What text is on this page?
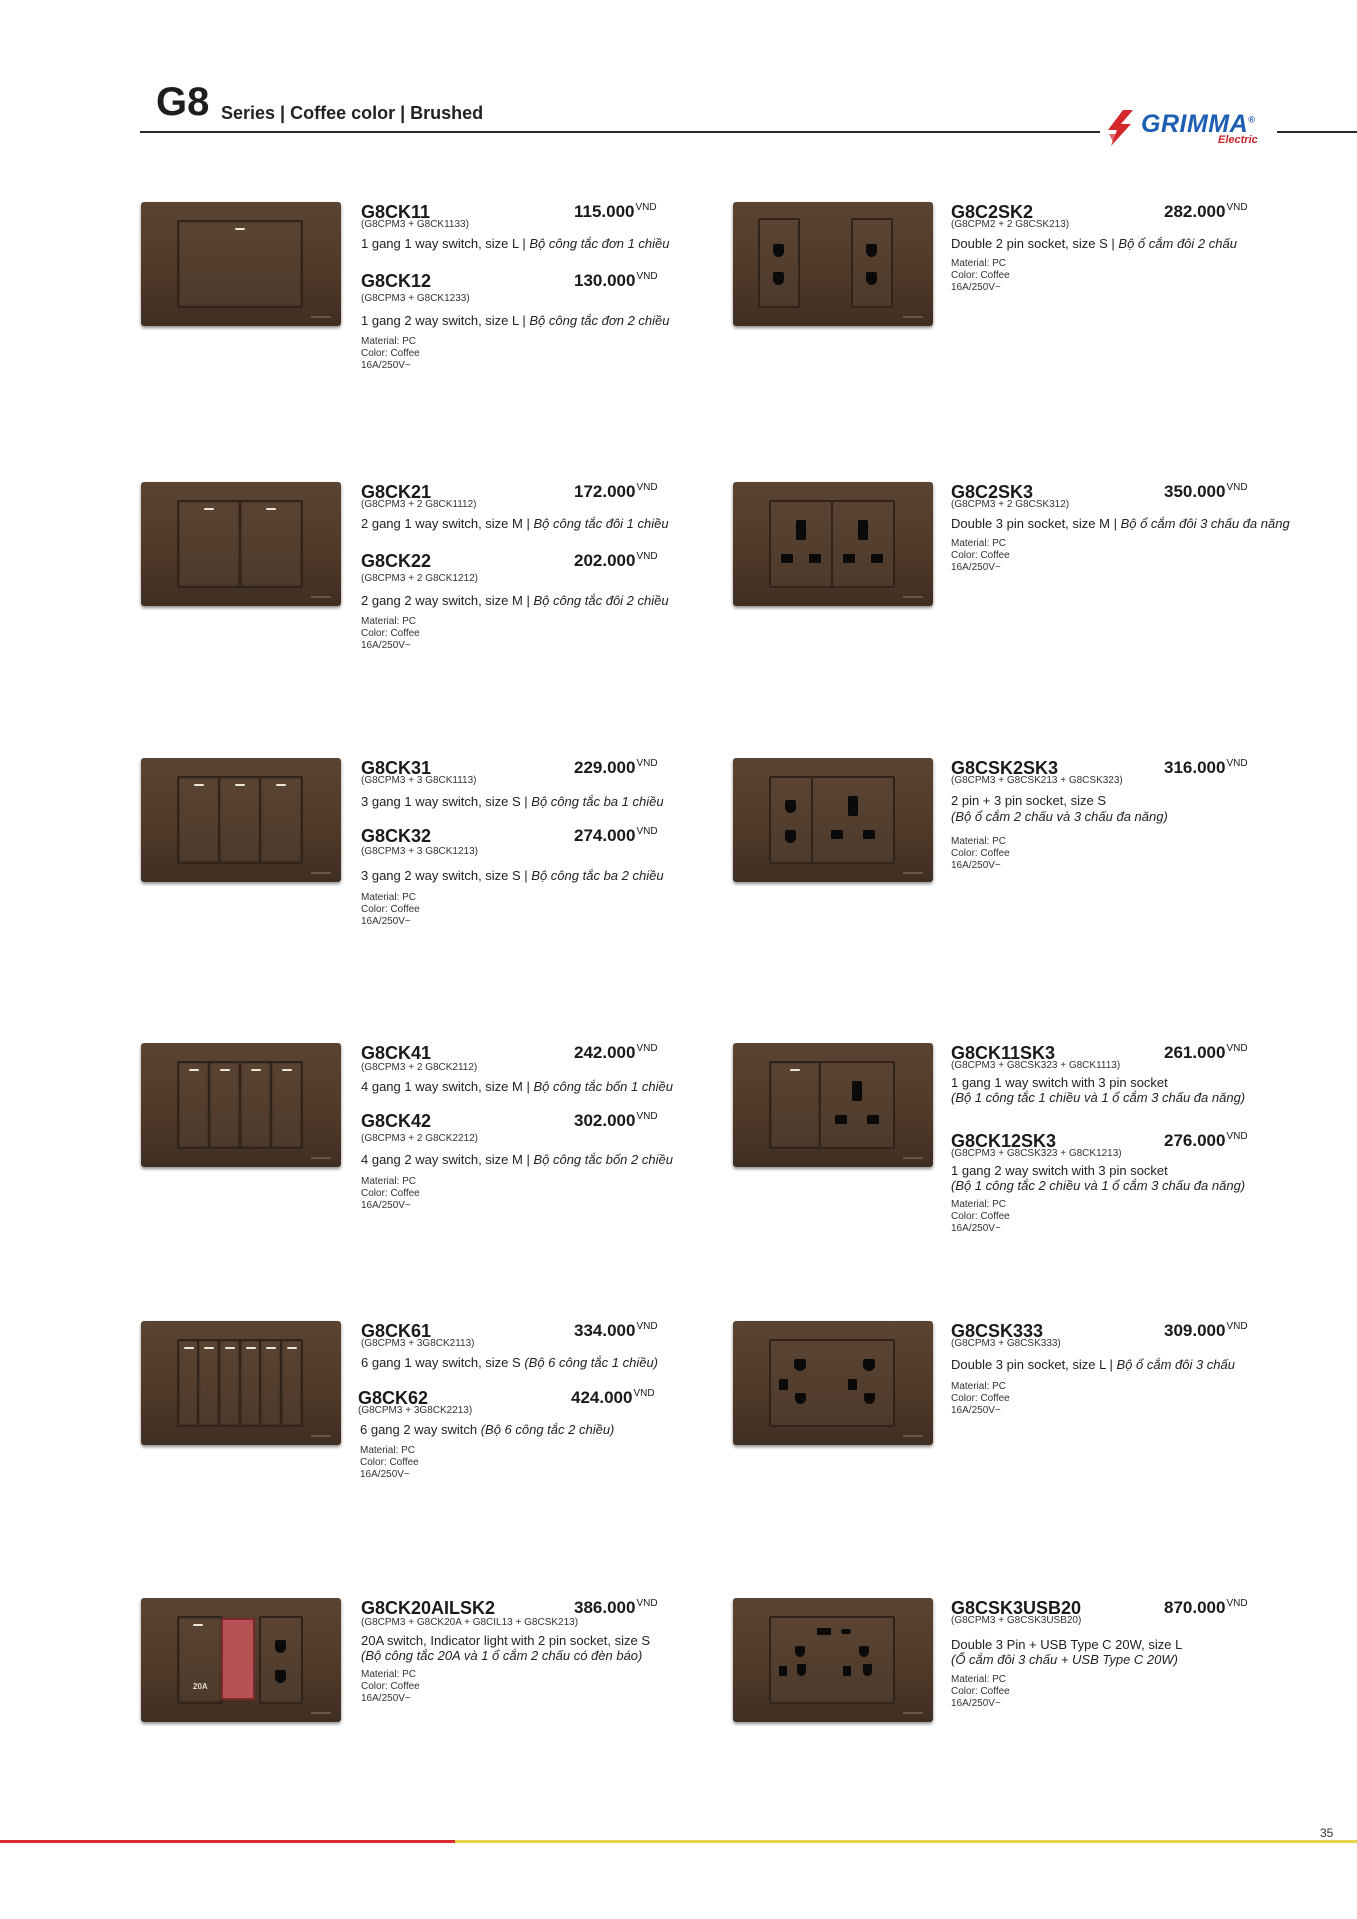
G8 Series | Coffee color | Brushed	GRIMMA®
Electric
G8CK11	$115.000^{VND}$
(G8CPM3 + G8CK1133)
1 gang 1 way switch, size L | Bộ công tắc đơn 1 chiều
G8CK12	$130.000^{VND}$
(G8CPM3 + G8CK1233)
1 gang 2 way switch, size L | Bộ công tắc đơn 2 chiều
Material: PC
Color: Coffee
16A/250V~
G8C2SK2	$282.000^{VND}$
(G8CPM2 + 2 G8CSK213)
Double 2 pin socket, size S | Bộ ổ cắm đôi 2 chấu
Material: PC
Color: Coffee
16A/250V~
G8CK21	$172.000^{VND}$
(G8CPM3 + 2 G8CK1112)
2 gang 1 way switch, size M | Bộ công tắc đôi 1 chiều
G8CK22	$202.000^{VND}$
(G8CPM3 + 2 G8CK1212)
2 gang 2 way switch, size M | Bộ công tắc đôi 2 chiều
Material: PC
Color: Coffee
16A/250V~
G8C2SK3	$350.000^{VND}$
(G8CPM3 + 2 G8CSK312)
Double 3 pin socket, size M | Bộ ổ cắm đôi 3 chấu đa năng
Material: PC
Color: Coffee
16A/250V~
G8CK31	$229.000^{VND}$
(G8CPM3 + 3 G8CK1113)
3 gang 1 way switch, size S | Bộ công tắc ba 1 chiều
G8CK32	$274.000^{VND}$
(G8CPM3 + 3 G8CK1213)
3 gang 2 way switch, size S | Bộ công tắc ba 2 chiều
Material: PC
Color: Coffee
16A/250V~
G8CSK2SK3	$316.000^{VND}$
(G8CPM3 + G8CSK213 + G8CSK323)
2 pin + 3 pin socket, size S
(Bộ ổ cắm 2 chấu và 3 chấu đa năng)
Material: PC
Color: Coffee
16A/250V~
G8CK41	$242.000^{VND}$
(G8CPM3 + 2 G8CK2112)
4 gang 1 way switch, size M | Bộ công tắc bốn 1 chiều
G8CK42	$302.000^{VND}$
(G8CPM3 + 2 G8CK2212)
4 gang 2 way switch, size M | Bộ công tắc bốn 2 chiều
Material: PC
Color: Coffee
16A/250V~
G8CK11SK3	$261.000^{VND}$
(G8CPM3 + G8CSK323 + G8CK1113)
1 gang 1 way switch with 3 pin socket
(Bộ 1 công tắc 1 chiều và 1 ổ cắm 3 chấu đa năng)
G8CK12SK3	$276.000^{VND}$
(G8CPM3 + G8CSK323 + G8CK1213)
1 gang 2 way switch with 3 pin socket
(Bộ 1 công tắc 2 chiều và 1 ổ cắm 3 chấu đa năng)
Material: PC
Color: Coffee
16A/250V~
G8CK61	$334.000^{VND}$
(G8CPM3 + 3G8CK2113)
6 gang 1 way switch, size S (Bộ 6 công tắc 1 chiều)
G8CK62	$424.000^{VND}$
(G8CPM3 + 3G8CK2213)
6 gang 2 way switch (Bộ 6 công tắc 2 chiều)
Material: PC
Color: Coffee
16A/250V~
G8CSK333	$309.000^{VND}$
(G8CPM3 + G8CSK333)
Double 3 pin socket, size L | Bộ ổ cắm đôi 3 chấu
Material: PC
Color: Coffee
16A/250V~
20A
G8CK20AILSK2	$386.000^{VND}$
(G8CPM3 + G8CK20A + G8CIL13 + G8CSK213)
20A switch, Indicator light with 2 pin socket, size S
(Bộ công tắc 20A và 1 ổ cắm 2 chấu có đèn báo)
Material: PC
Color: Coffee
16A/250V~
G8CSK3USB20	$870.000^{VND}$
(G8CPM3 + G8CSK3USB20)
Double 3 Pin + USB Type C 20W, size L
(Ổ cắm đôi 3 chấu + USB Type C 20W)
Material: PC
Color: Coffee
16A/250V~
35
